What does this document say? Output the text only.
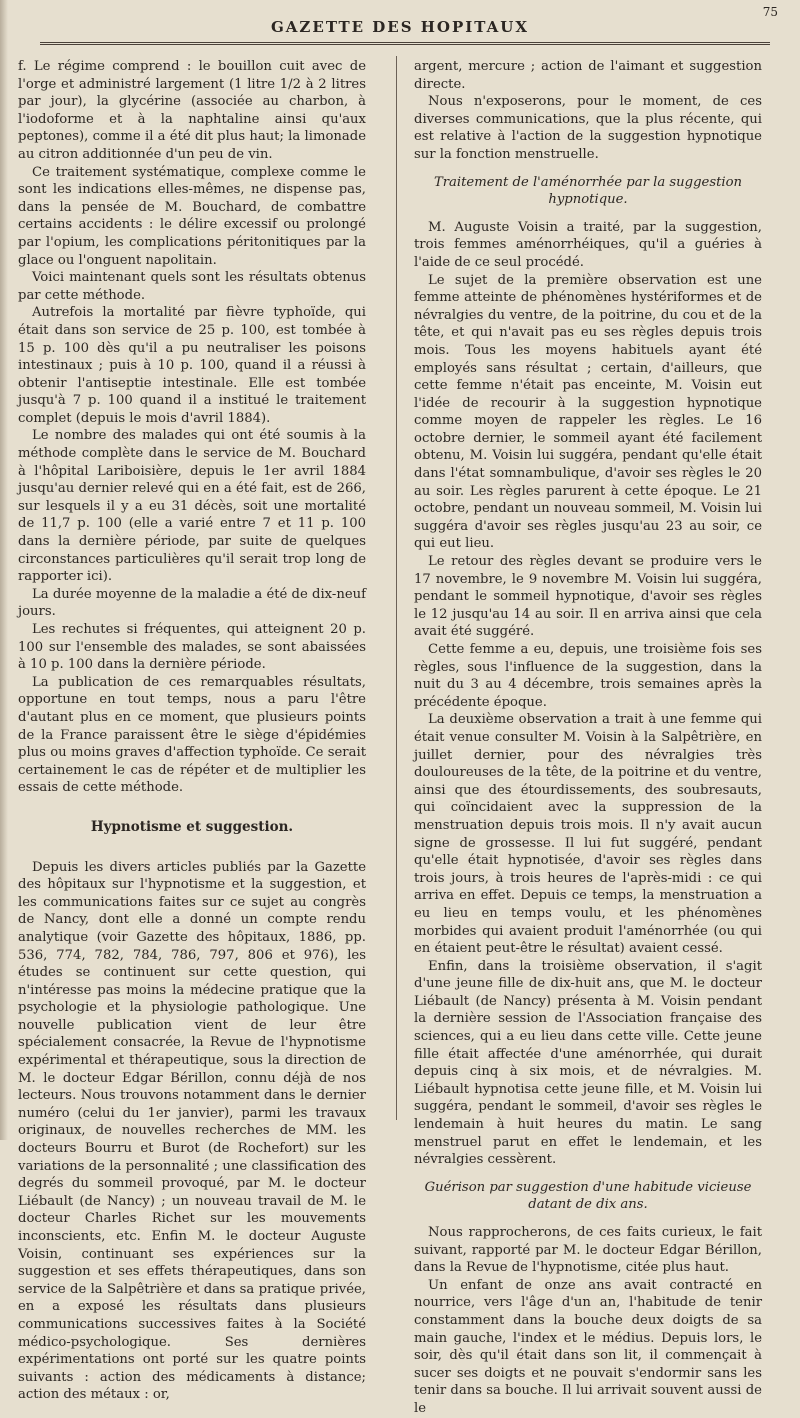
GAZETTE DES HOPITAUX
75

f. Le régime comprend : le bouillon cuit avec de l'orge et administré largement (1 litre 1/2 à 2 litres par jour), la glycérine (associée au charbon, à l'iodoforme et à la naphtaline ainsi qu'aux peptones), comme il a été dit plus haut; la limonade au citron additionnée d'un peu de vin.

Ce traitement systématique, complexe comme le sont les indications elles-mêmes, ne dispense pas, dans la pensée de M. Bouchard, de combattre certains accidents : le délire excessif ou prolongé par l'opium, les complications péritonitiques par la glace ou l'onguent napolitain.

Voici maintenant quels sont les résultats obtenus par cette méthode.

Autrefois la mortalité par fièvre typhoïde, qui était dans son service de 25 p. 100, est tombée à 15 p. 100 dès qu'il a pu neutraliser les poisons intestinaux ; puis à 10 p. 100, quand il a réussi à obtenir l'antiseptie intestinale. Elle est tombée jusqu'à 7 p. 100 quand il a institué le traitement complet (depuis le mois d'avril 1884).

Le nombre des malades qui ont été soumis à la méthode complète dans le service de M. Bouchard à l'hôpital Lariboisière, depuis le 1er avril 1884 jusqu'au dernier relevé qui en a été fait, est de 266, sur lesquels il y a eu 31 décès, soit une mortalité de 11,7 p. 100 (elle a varié entre 7 et 11 p. 100 dans la dernière période, par suite de quelques circonstances particulières qu'il serait trop long de rapporter ici).

La durée moyenne de la maladie a été de dix-neuf jours.

Les rechutes si fréquentes, qui atteignent 20 p. 100 sur l'ensemble des malades, se sont abaissées à 10 p. 100 dans la dernière période.

La publication de ces remarquables résultats, opportune en tout temps, nous a paru l'être d'autant plus en ce moment, que plusieurs points de la France paraissent être le siège d'épidémies plus ou moins graves d'affection typhoïde. Ce serait certainement le cas de répéter et de multiplier les essais de cette méthode.

Hypnotisme et suggestion.

Depuis les divers articles publiés par la Gazette des hôpitaux sur l'hypnotisme et la suggestion, et les communications faites sur ce sujet au congrès de Nancy, dont elle a donné un compte rendu analytique (voir Gazette des hôpitaux, 1886, pp. 536, 774, 782, 784, 786, 797, 806 et 976), les études se continuent sur cette question, qui n'intéresse pas moins la médecine pratique que la psychologie et la physiologie pathologique. Une nouvelle publication vient de leur être spécialement consacrée, la Revue de l'hypnotisme expérimental et thérapeutique, sous la direction de M. le docteur Edgar Bérillon, connu déjà de nos lecteurs. Nous trouvons notamment dans le dernier numéro (celui du 1er janvier), parmi les travaux originaux, de nouvelles recherches de MM. les docteurs Bourru et Burot (de Rochefort) sur les variations de la personnalité ; une classification des degrés du sommeil provoqué, par M. le docteur Liébault (de Nancy) ; un nouveau travail de M. le docteur Charles Richet sur les mouvements inconscients, etc. Enfin M. le docteur Auguste Voisin, continuant ses expériences sur la suggestion et ses effets thérapeutiques, dans son service de la Salpêtrière et dans sa pratique privée, en a exposé les résultats dans plusieurs communications successives faites à la Société médico-psychologique. Ses dernières expérimentations ont porté sur les quatre points suivants : action des médicaments à distance; action des métaux : or,

argent, mercure ; action de l'aimant et suggestion directe.

Nous n'exposerons, pour le moment, de ces diverses communications, que la plus récente, qui est relative à l'action de la suggestion hypnotique sur la fonction menstruelle.

Traitement de l'aménorrhée par la suggestion hypnotique.

M. Auguste Voisin a traité, par la suggestion, trois femmes aménorrhéiques, qu'il a guéries à l'aide de ce seul procédé.

Le sujet de la première observation est une femme atteinte de phénomènes hystériformes et de névralgies du ventre, de la poitrine, du cou et de la tête, et qui n'avait pas eu ses règles depuis trois mois. Tous les moyens habituels ayant été employés sans résultat ; certain, d'ailleurs, que cette femme n'était pas enceinte, M. Voisin eut l'idée de recourir à la suggestion hypnotique comme moyen de rappeler les règles. Le 16 octobre dernier, le sommeil ayant été facilement obtenu, M. Voisin lui suggéra, pendant qu'elle était dans l'état somnambulique, d'avoir ses règles le 20 au soir. Les règles parurent à cette époque. Le 21 octobre, pendant un nouveau sommeil, M. Voisin lui suggéra d'avoir ses règles jusqu'au 23 au soir, ce qui eut lieu.

Le retour des règles devant se produire vers le 17 novembre, le 9 novembre M. Voisin lui suggéra, pendant le sommeil hypnotique, d'avoir ses règles le 12 jusqu'au 14 au soir. Il en arriva ainsi que cela avait été suggéré.

Cette femme a eu, depuis, une troisième fois ses règles, sous l'influence de la suggestion, dans la nuit du 3 au 4 décembre, trois semaines après la précédente époque.

La deuxième observation a trait à une femme qui était venue consulter M. Voisin à la Salpêtrière, en juillet dernier, pour des névralgies très douloureuses de la tête, de la poitrine et du ventre, ainsi que des étourdissements, des soubresauts, qui coïncidaient avec la suppression de la menstruation depuis trois mois. Il n'y avait aucun signe de grossesse. Il lui fut suggéré, pendant qu'elle était hypnotisée, d'avoir ses règles dans trois jours, à trois heures de l'après-midi : ce qui arriva en effet. Depuis ce temps, la menstruation a eu lieu en temps voulu, et les phénomènes morbides qui avaient produit l'aménorrhée (ou qui en étaient peut-être le résultat) avaient cessé.

Enfin, dans la troisième observation, il s'agit d'une jeune fille de dix-huit ans, que M. le docteur Liébault (de Nancy) présenta à M. Voisin pendant la dernière session de l'Association française des sciences, qui a eu lieu dans cette ville. Cette jeune fille était affectée d'une aménorrhée, qui durait depuis cinq à six mois, et de névralgies. M. Liébault hypnotisa cette jeune fille, et M. Voisin lui suggéra, pendant le sommeil, d'avoir ses règles le lendemain à huit heures du matin. Le sang menstruel parut en effet le lendemain, et les névralgies cessèrent.

Guérison par suggestion d'une habitude vicieuse datant de dix ans.

Nous rapprocherons, de ces faits curieux, le fait suivant, rapporté par M. le docteur Edgar Bérillon, dans la Revue de l'hypnotisme, citée plus haut.

Un enfant de onze ans avait contracté en nourrice, vers l'âge d'un an, l'habitude de tenir constamment dans la bouche deux doigts de sa main gauche, l'index et le médius. Depuis lors, le soir, dès qu'il était dans son lit, il commençait à sucer ses doigts et ne pouvait s'endormir sans les tenir dans sa bouche. Il lui arrivait souvent aussi de le
